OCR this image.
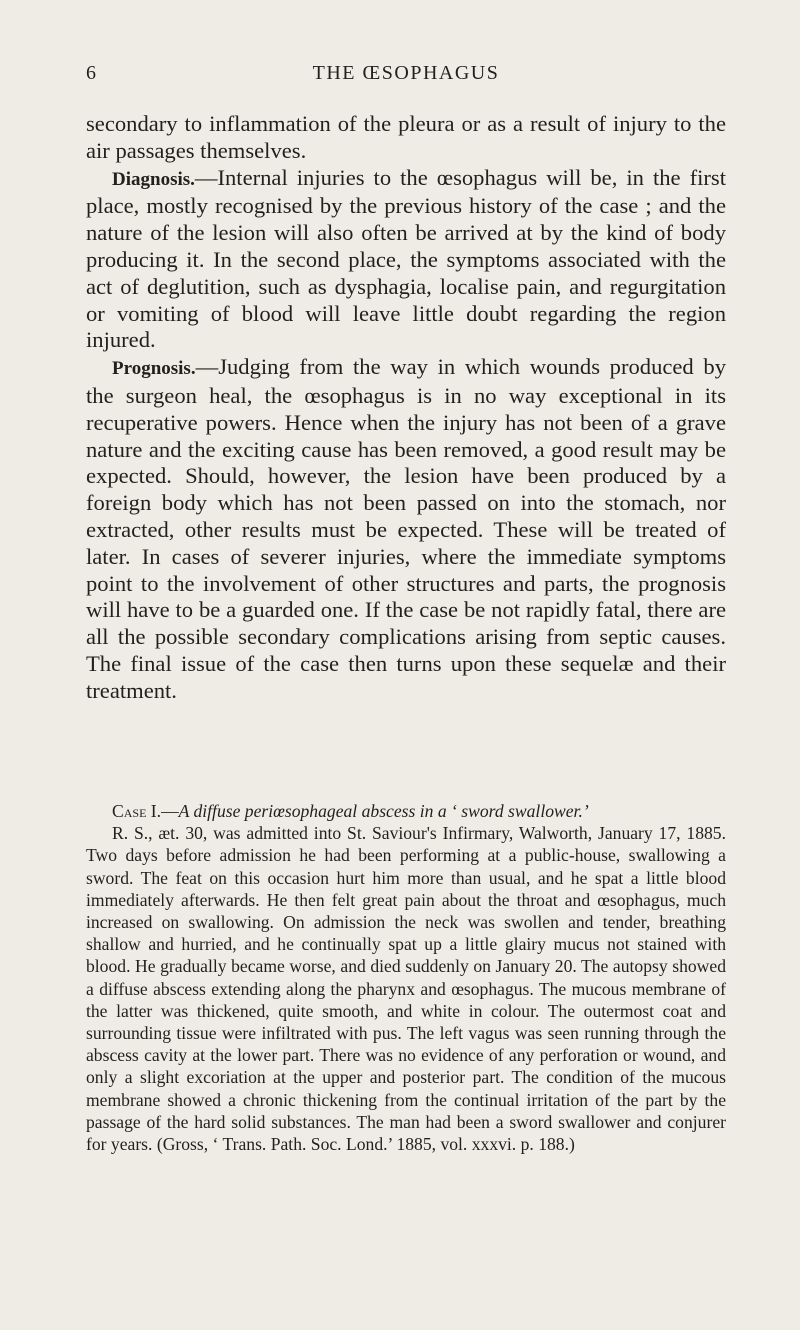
6	THE ŒSOPHAGUS

secondary to inflammation of the pleura or as a result of injury to the air passages themselves.

Diagnosis.—Internal injuries to the œsophagus will be, in the first place, mostly recognised by the previous history of the case ; and the nature of the lesion will also often be arrived at by the kind of body producing it. In the second place, the symptoms associated with the act of deglutition, such as dysphagia, localise pain, and regurgitation or vomiting of blood will leave little doubt regarding the region injured.

Prognosis.—Judging from the way in which wounds produced by the surgeon heal, the œsophagus is in no way exceptional in its recuperative powers. Hence when the injury has not been of a grave nature and the exciting cause has been removed, a good result may be expected. Should, however, the lesion have been produced by a foreign body which has not been passed on into the stomach, nor extracted, other results must be expected. These will be treated of later. In cases of severer injuries, where the immediate symptoms point to the involvement of other structures and parts, the prognosis will have to be a guarded one. If the case be not rapidly fatal, there are all the possible secondary complications arising from septic causes. The final issue of the case then turns upon these sequelæ and their treatment.

Case I.—A diffuse periœsophageal abscess in a ‘ sword swallower.’

R. S., æt. 30, was admitted into St. Saviour's Infirmary, Walworth, January 17, 1885. Two days before admission he had been performing at a public-house, swallowing a sword. The feat on this occasion hurt him more than usual, and he spat a little blood immediately afterwards. He then felt great pain about the throat and œsophagus, much increased on swallowing. On admission the neck was swollen and tender, breathing shallow and hurried, and he continually spat up a little glairy mucus not stained with blood. He gradually became worse, and died suddenly on January 20. The autopsy showed a diffuse abscess extending along the pharynx and œsophagus. The mucous membrane of the latter was thickened, quite smooth, and white in colour. The outermost coat and surrounding tissue were infiltrated with pus. The left vagus was seen running through the abscess cavity at the lower part. There was no evidence of any perforation or wound, and only a slight excoriation at the upper and posterior part. The condition of the mucous membrane showed a chronic thickening from the continual irritation of the part by the passage of the hard solid substances. The man had been a sword swallower and conjurer for years. (Gross, ‘ Trans. Path. Soc. Lond.’ 1885, vol. xxxvi. p. 188.)
